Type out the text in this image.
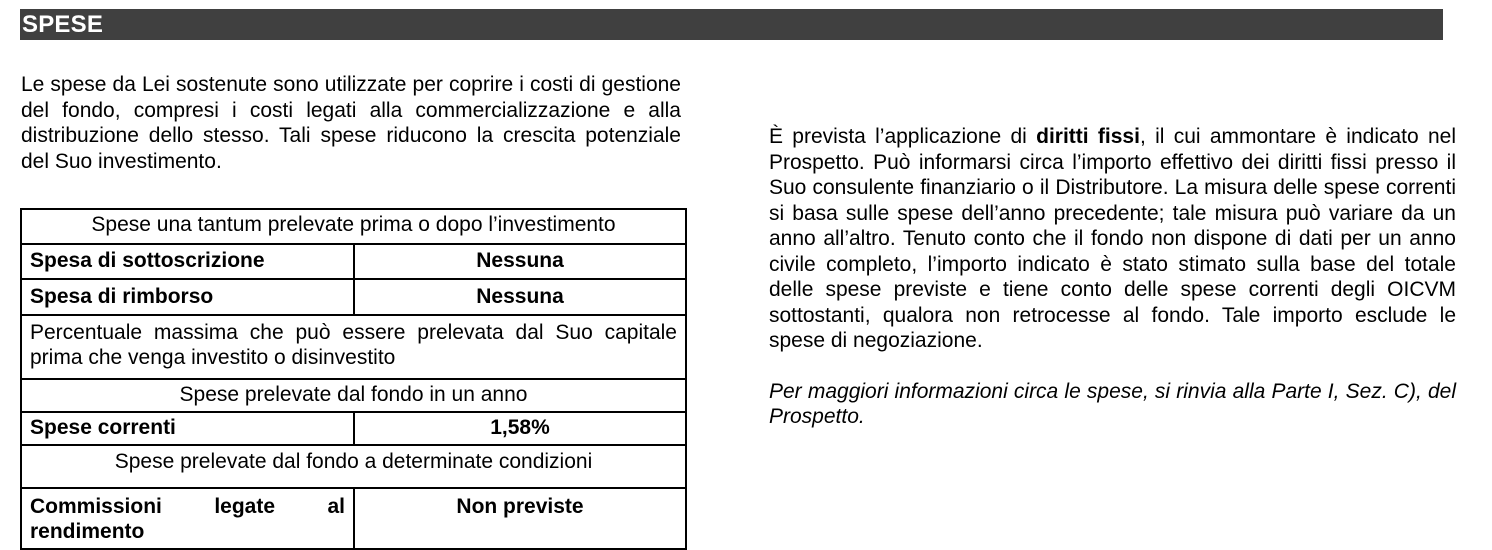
SPESE
Le spese da Lei sostenute sono utilizzate per coprire i costi di gestione del fondo, compresi i costi legati alla commercializzazione e alla distribuzione dello stesso. Tali spese riducono la crescita potenziale del Suo investimento.
Spese una tantum prelevate prima o dopo l’investimento	
Spesa di sottoscrizione	Nessuna
Spesa di rimborso	Nessuna
Percentuale massima che può essere prelevata dal Suo capitale prima che venga investito o disinvestito	
Spese prelevate dal fondo in un anno	
Spese correnti	1,58%
Spese prelevate dal fondo a determinate condizioni	

Commissioni legate al
rendimento	Non previste

È prevista l’applicazione di diritti fissi, il cui ammontare è indicato nel Prospetto. Può informarsi circa l’importo effettivo dei diritti fissi presso il Suo consulente finanziario o il Distributore. La misura delle spese correnti si basa sulle spese dell’anno precedente; tale misura può variare da un anno all’altro. Tenuto conto che il fondo non dispone di dati per un anno civile completo, l’importo indicato è stato stimato sulla base del totale delle spese previste e tiene conto delle spese correnti degli OICVM sottostanti, qualora non retrocesse al fondo. Tale importo esclude le spese di negoziazione.

Per maggiori informazioni circa le spese, si rinvia alla Parte I, Sez. C), del Prospetto.
